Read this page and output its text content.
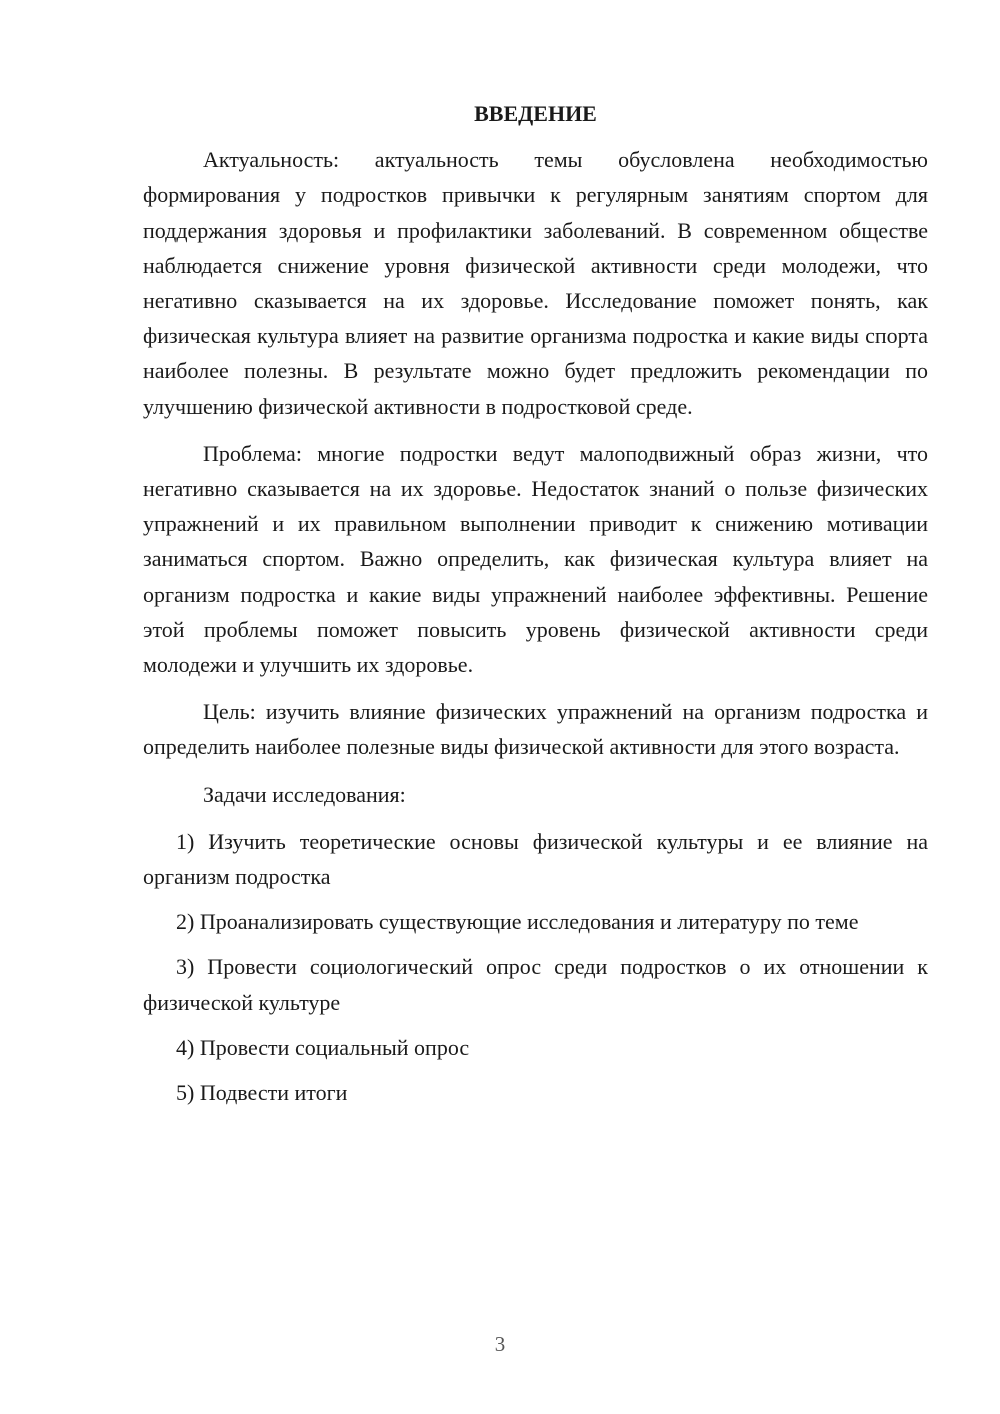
ВВЕДЕНИЕ

Актуальность: актуальность темы обусловлена необходимостью формирования у подростков привычки к регулярным занятиям спортом для поддержания здоровья и профилактики заболеваний. В современном обществе наблюдается снижение уровня физической активности среди молодежи, что негативно сказывается на их здоровье. Исследование поможет понять, как физическая культура влияет на развитие организма подростка и какие виды спорта наиболее полезны. В результате можно будет предложить рекомендации по улучшению физической активности в подростковой среде.

Проблема: многие подростки ведут малоподвижный образ жизни, что негативно сказывается на их здоровье. Недостаток знаний о пользе физических упражнений и их правильном выполнении приводит к снижению мотивации заниматься спортом. Важно определить, как физическая культура влияет на организм подростка и какие виды упражнений наиболее эффективны. Решение этой проблемы поможет повысить уровень физической активности среди молодежи и улучшить их здоровье.

Цель: изучить влияние физических упражнений на организм подростка и определить наиболее полезные виды физической активности для этого возраста.

Задачи исследования:

1) Изучить теоретические основы физической культуры и ее влияние на организм подростка

2) Проанализировать существующие исследования и литературу по теме

3) Провести социологический опрос среди подростков о их отношении к физической культуре

4) Провести социальный опрос

5) Подвести итоги

3
